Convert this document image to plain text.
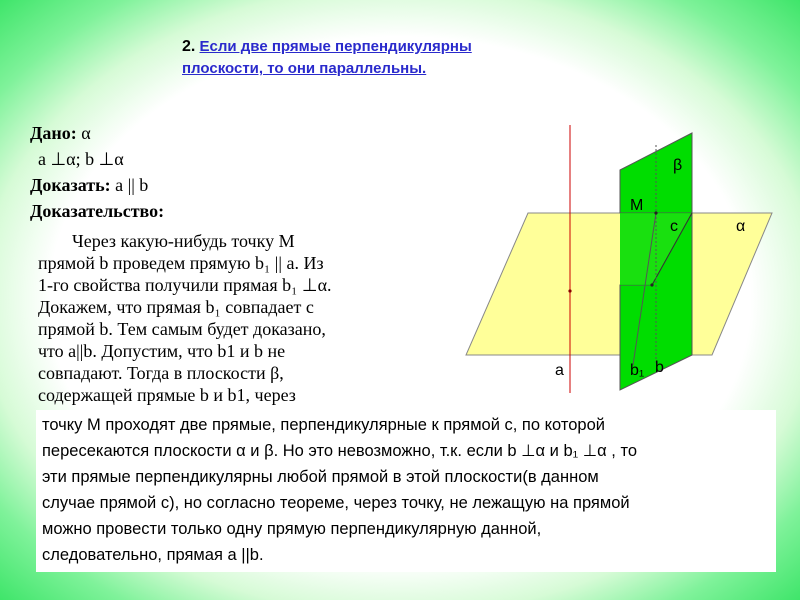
2. Если две прямые перпендикулярны
плоскости, то они параллельны.
Дано: α
a ⊥α; b ⊥α
Доказать: a || b
Доказательство:
Через какую-нибудь точку М
прямой b проведем прямую b₁ || a. Из
1-го свойства получили прямая b₁ ⊥α.
Докажем, что прямая b₁ совпадает с
прямой b. Тем самым будет доказано,
что a||b. Допустим, что b1 и b не
совпадают. Тогда в плоскости β,
содержащей прямые b и b1, через
β
α
М
c
a	b₁ b
точку М проходят две прямые, перпендикулярные к прямой с, по которой
пересекаются плоскости α и β. Но это невозможно, т.к. если b ⊥α и b₁ ⊥α , то
эти прямые перпендикулярны любой прямой в этой плоскости(в данном
случае прямой с), но согласно теореме, через точку, не лежащую на прямой
можно провести только одну прямую перпендикулярную данной,
следовательно, прямая a ||b.
